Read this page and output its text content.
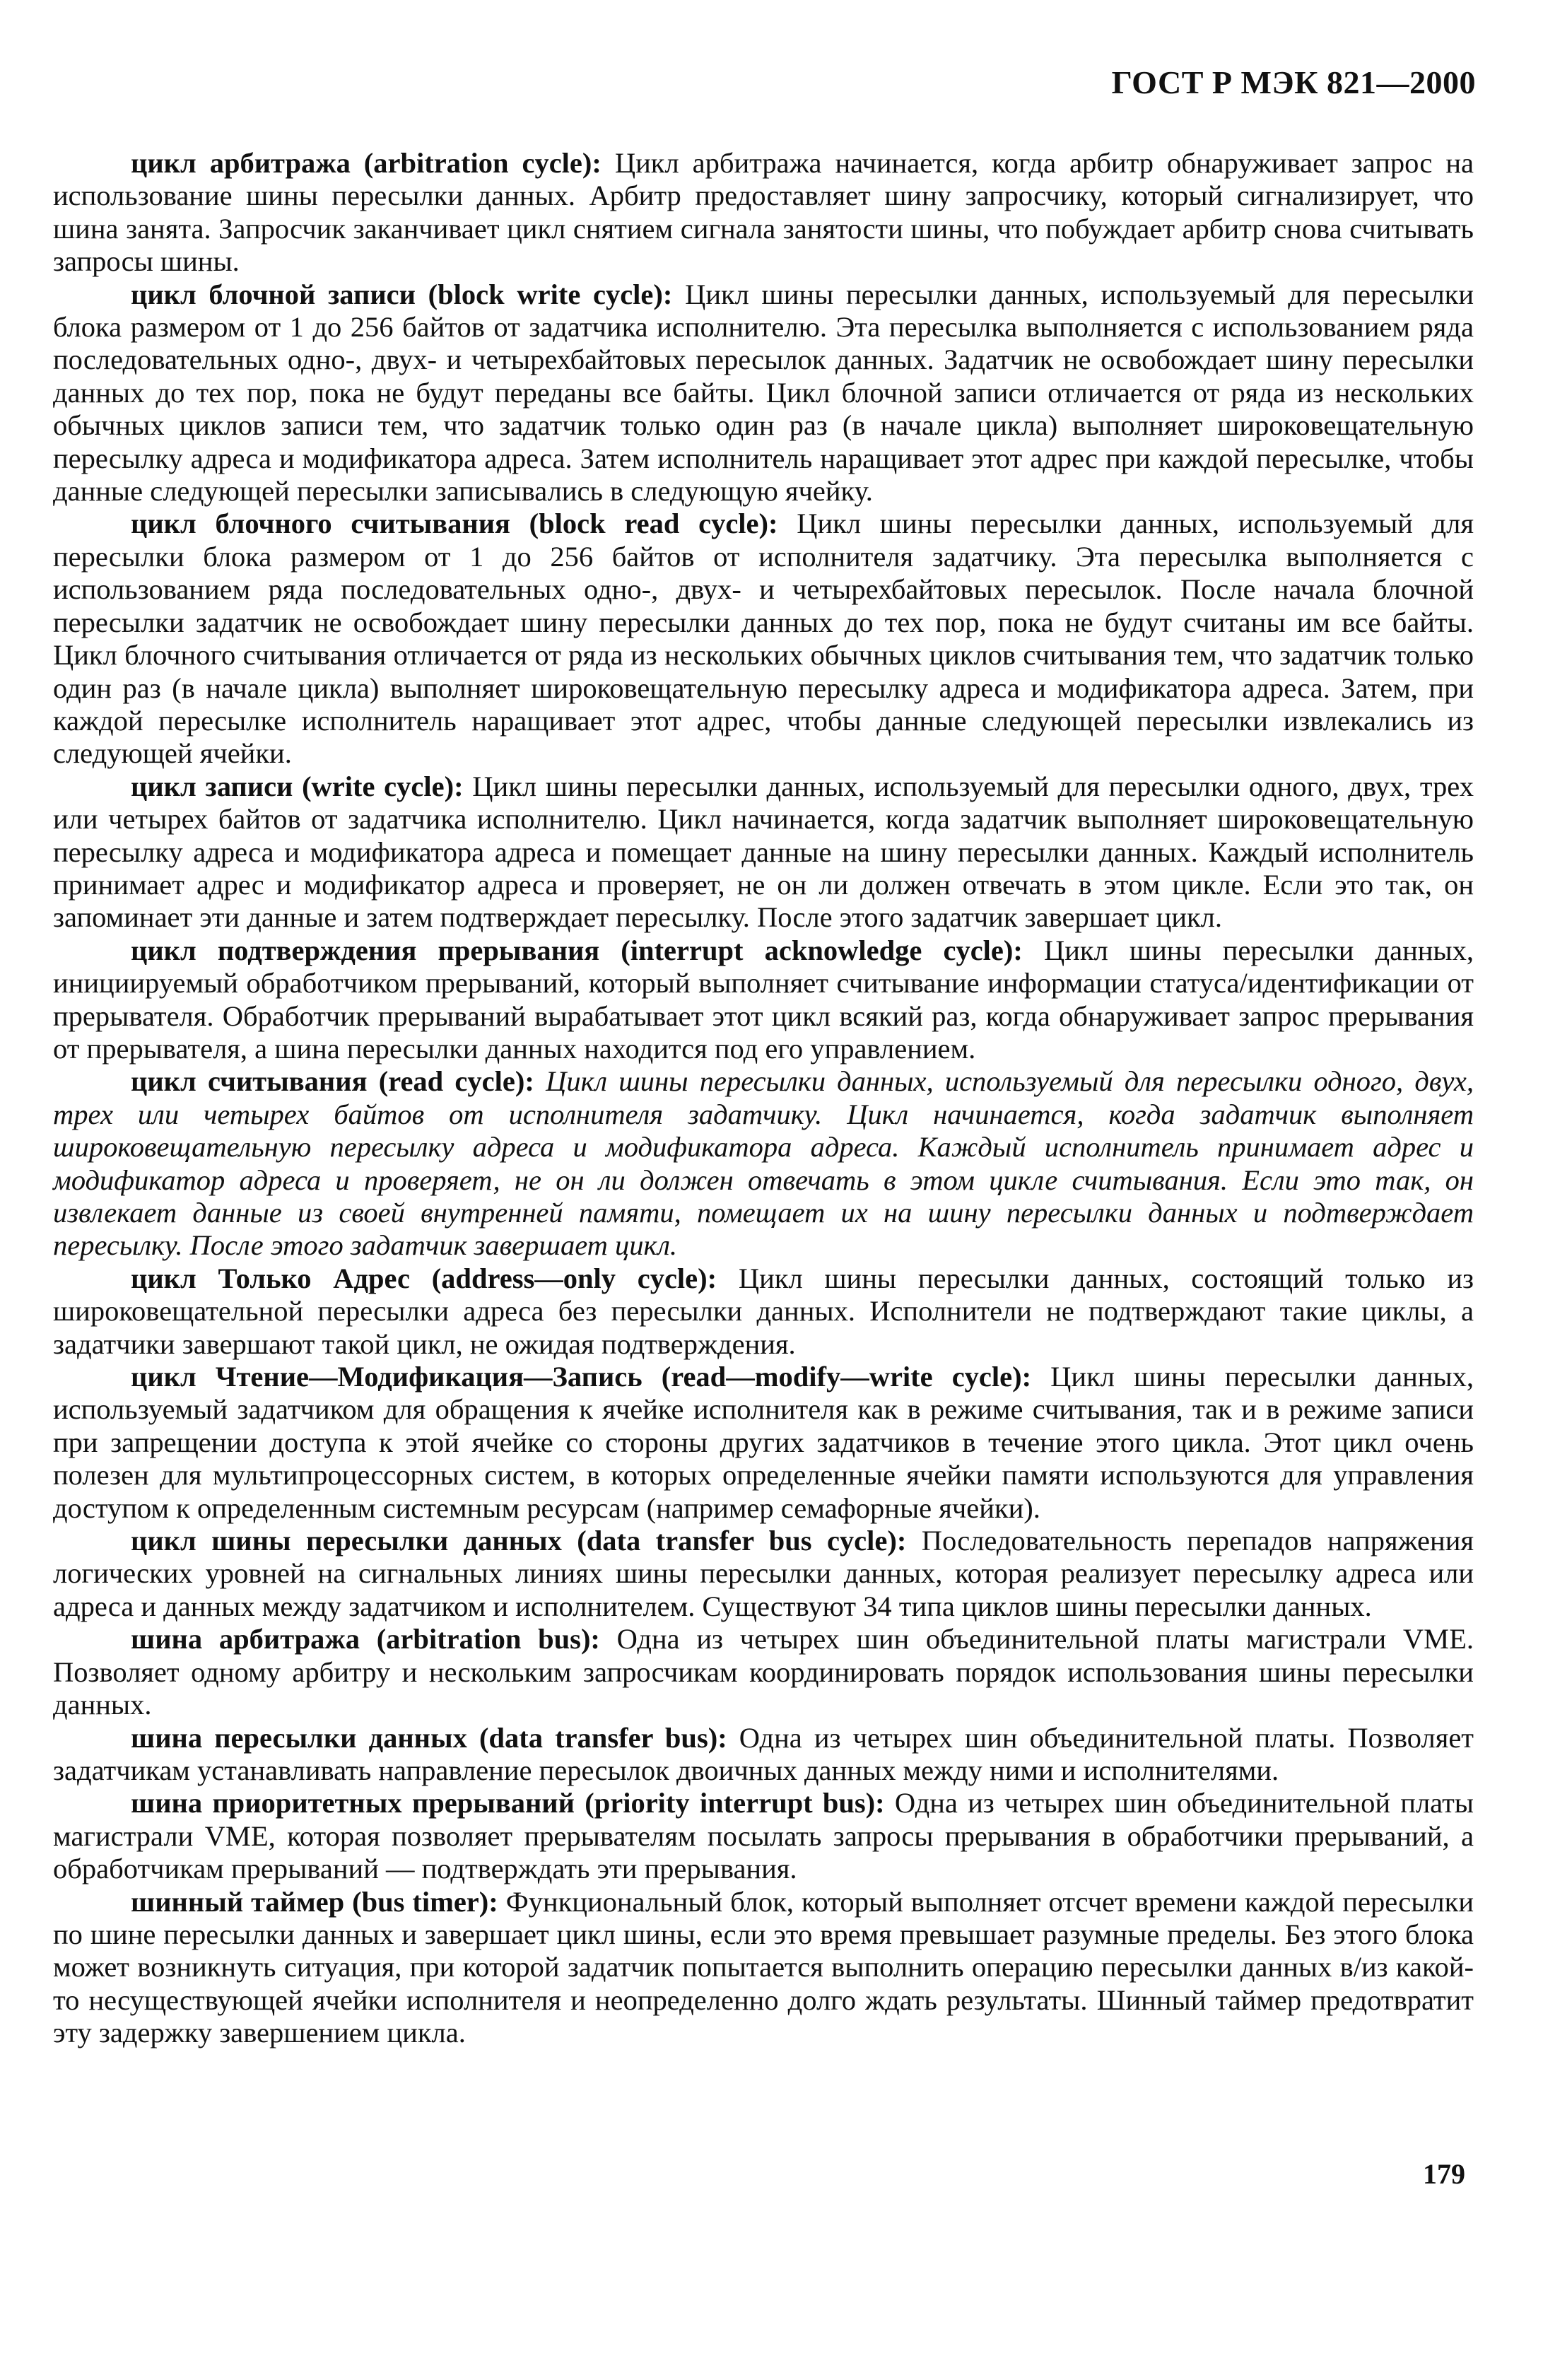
ГОСТ Р МЭК 821—2000

цикл арбитража (arbitration cycle): Цикл арбитража начинается, когда арбитр обнаруживает запрос на использование шины пересылки данных. Арбитр предоставляет шину запросчику, который сигнализирует, что шина занята. Запросчик заканчивает цикл снятием сигнала занятости шины, что побуждает арбитр снова считывать запросы шины.

цикл блочной записи (block write cycle): Цикл шины пересылки данных, используемый для пересылки блока размером от 1 до 256 байтов от задатчика исполнителю. Эта пересылка выполняется с использованием ряда последовательных одно-, двух- и четырехбайтовых пересылок данных. Задатчик не освобождает шину пересылки данных до тех пор, пока не будут переданы все байты. Цикл блочной записи отличается от ряда из нескольких обычных циклов записи тем, что задатчик только один раз (в начале цикла) выполняет широковещательную пересылку адреса и модификатора адреса. Затем исполнитель наращивает этот адрес при каждой пересылке, чтобы данные следующей пересылки записывались в следующую ячейку.

цикл блочного считывания (block read cycle): Цикл шины пересылки данных, используемый для пересылки блока размером от 1 до 256 байтов от исполнителя задатчику. Эта пересылка выполняется с использованием ряда последовательных одно-, двух- и четырехбайтовых пересылок. После начала блочной пересылки задатчик не освобождает шину пересылки данных до тех пор, пока не будут считаны им все байты. Цикл блочного считывания отличается от ряда из нескольких обычных циклов считывания тем, что задатчик только один раз (в начале цикла) выполняет широковещательную пересылку адреса и модификатора адреса. Затем, при каждой пересылке исполнитель наращивает этот адрес, чтобы данные следующей пересылки извлекались из следующей ячейки.

цикл записи (write cycle): Цикл шины пересылки данных, используемый для пересылки одного, двух, трех или четырех байтов от задатчика исполнителю. Цикл начинается, когда задатчик выполняет широковещательную пересылку адреса и модификатора адреса и помещает данные на шину пересылки данных. Каждый исполнитель принимает адрес и модификатор адреса и проверяет, не он ли должен отвечать в этом цикле. Если это так, он запоминает эти данные и затем подтверждает пересылку. После этого задатчик завершает цикл.

цикл подтверждения прерывания (interrupt acknowledge cycle): Цикл шины пересылки данных, инициируемый обработчиком прерываний, который выполняет считывание информации статуса/идентификации от прерывателя. Обработчик прерываний вырабатывает этот цикл всякий раз, когда обнаруживает запрос прерывания от прерывателя, а шина пересылки данных находится под его управлением.

цикл считывания (read cycle): Цикл шины пересылки данных, используемый для пересылки одного, двух, трех или четырех байтов от исполнителя задатчику. Цикл начинается, когда задатчик выполняет широковещательную пересылку адреса и модификатора адреса. Каждый исполнитель принимает адрес и модификатор адреса и проверяет, не он ли должен отвечать в этом цикле считывания. Если это так, он извлекает данные из своей внутренней памяти, помещает их на шину пересылки данных и подтверждает пересылку. После этого задатчик завершает цикл.

цикл Только Адрес (address—only cycle): Цикл шины пересылки данных, состоящий только из широковещательной пересылки адреса без пересылки данных. Исполнители не подтверждают такие циклы, а задатчики завершают такой цикл, не ожидая подтверждения.

цикл Чтение—Модификация—Запись (read—modify—write cycle): Цикл шины пересылки данных, используемый задатчиком для обращения к ячейке исполнителя как в режиме считывания, так и в режиме записи при запрещении доступа к этой ячейке со стороны других задатчиков в течение этого цикла. Этот цикл очень полезен для мультипроцессорных систем, в которых определенные ячейки памяти используются для управления доступом к определенным системным ресурсам (например семафорные ячейки).

цикл шины пересылки данных (data transfer bus cycle): Последовательность перепадов напряжения логических уровней на сигнальных линиях шины пересылки данных, которая реализует пересылку адреса или адреса и данных между задатчиком и исполнителем. Существуют 34 типа циклов шины пересылки данных.

шина арбитража (arbitration bus): Одна из четырех шин объединительной платы магистрали VME. Позволяет одному арбитру и нескольким запросчикам координировать порядок использования шины пересылки данных.

шина пересылки данных (data transfer bus): Одна из четырех шин объединительной платы. Позволяет задатчикам устанавливать направление пересылок двоичных данных между ними и исполнителями.

шина приоритетных прерываний (priority interrupt bus): Одна из четырех шин объединительной платы магистрали VME, которая позволяет прерывателям посылать запросы прерывания в обработчики прерываний, а обработчикам прерываний — подтверждать эти прерывания.

шинный таймер (bus timer): Функциональный блок, который выполняет отсчет времени каждой пересылки по шине пересылки данных и завершает цикл шины, если это время превышает разумные пределы. Без этого блока может возникнуть ситуация, при которой задатчик попытается выполнить операцию пересылки данных в/из какой-то несуществующей ячейки исполнителя и неопределенно долго ждать результаты. Шинный таймер предотвратит эту задержку завершением цикла.

179
